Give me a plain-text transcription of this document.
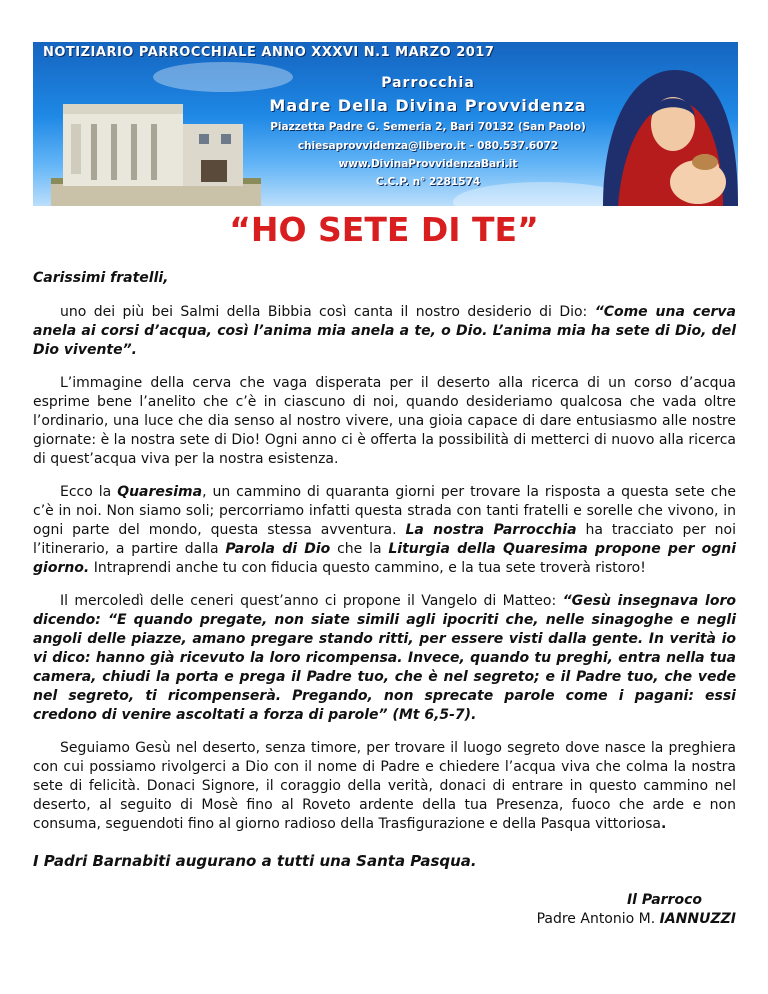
NOTIZIARIO PARROCCHIALE ANNO XXXVI N.1 MARZO 2017
Parrocchia
Madre Della Divina Provvidenza
Piazzetta Padre G. Semeria 2, Bari 70132 (San Paolo)
chiesaprovvidenza@libero.it - 080.537.6072
www.DivinaProvvidenzaBari.it
C.C.P. n° 2281574
“HO SETE DI TE”

Carissimi fratelli,

uno dei più bei Salmi della Bibbia così canta il nostro desiderio di Dio: “Come una cerva anela ai corsi d’acqua, così l’anima mia anela a te, o Dio. L’anima mia ha sete di Dio, del Dio vivente”.

L’immagine della cerva che vaga disperata per il deserto alla ricerca di un corso d’acqua esprime bene l’anelito che c’è in ciascuno di noi, quando desideriamo qualcosa che vada oltre l’ordinario, una luce che dia senso al nostro vivere, una gioia capace di dare entusiasmo alle nostre giornate: è la nostra sete di Dio! Ogni anno ci è offerta la possibilità di metterci di nuovo alla ricerca di quest’acqua viva per la nostra esistenza.

Ecco la Quaresima, un cammino di quaranta giorni per trovare la risposta a questa sete che c’è in noi. Non siamo soli; percorriamo infatti questa strada con tanti fratelli e sorelle che vivono, in ogni parte del mondo, questa stessa avventura. La nostra Parrocchia ha tracciato per noi l’itinerario, a partire dalla Parola di Dio che la Liturgia della Quaresima propone per ogni giorno. Intraprendi anche tu con fiducia questo cammino, e la tua sete troverà ristoro!

Il mercoledì delle ceneri quest’anno ci propone il Vangelo di Matteo: “Gesù insegnava loro dicendo: “E quando pregate, non siate simili agli ipocriti che, nelle sinagoghe e negli angoli delle piazze, amano pregare stando ritti, per essere visti dalla gente. In verità io vi dico: hanno già ricevuto la loro ricompensa. Invece, quando tu preghi, entra nella tua camera, chiudi la porta e prega il Padre tuo, che è nel segreto; e il Padre tuo, che vede nel segreto, ti ricompenserà. Pregando, non sprecate parole come i pagani: essi credono di venire ascoltati a forza di parole” (Mt 6,5-7).

Seguiamo Gesù nel deserto, senza timore, per trovare il luogo segreto dove nasce la preghiera con cui possiamo rivolgerci a Dio con il nome di Padre e chiedere l’acqua viva che colma la nostra sete di felicità. Donaci Signore, il coraggio della verità, donaci di entrare in questo cammino nel deserto, al seguito di Mosè fino al Roveto ardente della tua Presenza, fuoco che arde e non consuma, seguendoti fino al giorno radioso della Trasfigurazione e della Pasqua vittoriosa.

I Padri Barnabiti augurano a tutti una Santa Pasqua.

Il Parroco
Padre Antonio M. IANNUZZI
